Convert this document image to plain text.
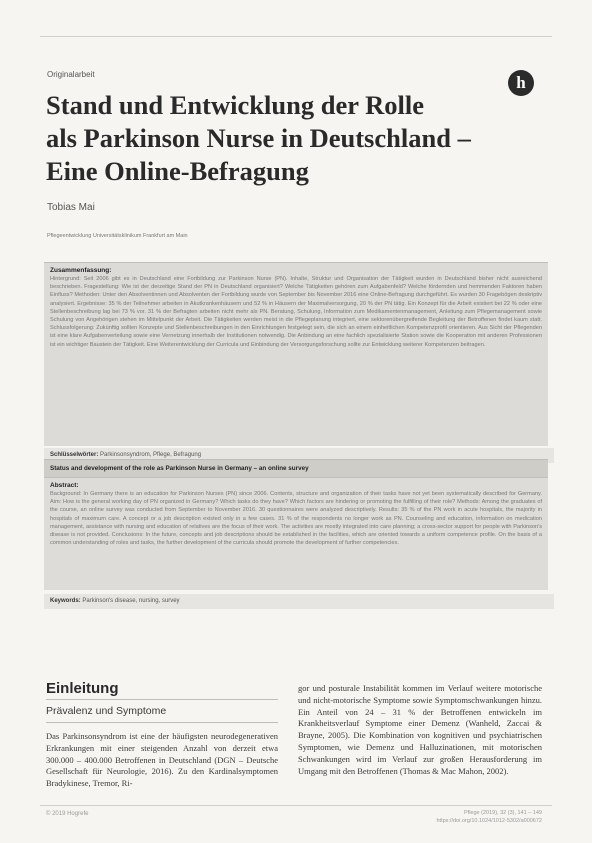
Originalarbeit	h
Stand und Entwicklung der Rolle
als Parkinson Nurse in Deutschland –
Eine Online-Befragung
Tobias Mai
Pflegeentwicklung Universitätsklinikum Frankfurt am Main
Zusammenfassung:
Hintergrund: Seit 2006 gibt es in Deutschland eine Fortbildung zur Parkinson Nurse (PN). Inhalte, Struktur und Organisation der Tätigkeit wurden in Deutschland bisher nicht ausreichend beschrieben. Fragestellung: Wie ist der derzeitige Stand der PN in Deutschland organisiert? Welche Tätigkeiten gehören zum Aufgabenfeld? Welche fördernden und hemmenden Faktoren haben Einfluss? Methoden: Unter den Absolventinnen und Absolventen der Fortbildung wurde von September bis November 2016 eine Online-Befragung durchgeführt. Es wurden 30 Fragebögen deskriptiv analysiert. Ergebnisse: 35 % der Teilnehmer arbeiten in Akutkrankenhäusern und 52 % in Häusern der Maximalversorgung, 20 % der PN tätig. Ein Konzept für die Arbeit existiert bei 22 % oder eine Stellenbeschreibung lag bei 73 % vor. 31 % der Befragten arbeiten nicht mehr als PN. Beratung, Schulung, Information zum Medikamentenmanagement, Anleitung zum Pflegemanagement sowie Schulung von Angehörigen stehen im Mittelpunkt der Arbeit. Die Tätigkeiten werden meist in die Pflegeplanung integriert, eine sektorenübergreifende Begleitung der Betroffenen findet kaum statt. Schlussfolgerung: Zukünftig sollten Konzepte und Stellenbeschreibungen in den Einrichtungen festgelegt sein, die sich an einem einheitlichen Kompetenzprofil orientieren. Aus Sicht der Pflegenden ist eine klare Aufgabenverteilung sowie eine Vernetzung innerhalb der Institutionen notwendig. Die Anbindung an eine fachlich spezialisierte Station sowie die Kooperation mit anderen Professionen ist ein wichtiger Baustein der Tätigkeit. Eine Weiterentwicklung der Curricula und Einbindung der Versorgungsforschung sollte zur Entwicklung weiterer Kompetenzen beitragen.
Schlüsselwörter: Parkinsonsyndrom, Pflege, Befragung
Status and development of the role as Parkinson Nurse in Germany – an online survey
Abstract:
Background: In Germany there is an education for Parkinson Nurses (PN) since 2006. Contents, structure and organization of their tasks have not yet been systematically described for Germany. Aim: How is the general working day of PN organized in Germany? Which tasks do they have? Which factors are hindering or promoting the fulfilling of their role? Methods: Among the graduates of the course, an online survey was conducted from September to November 2016. 30 questionnaires were analyzed descriptively. Results: 35 % of the PN work in acute hospitals, the majority in hospitals of maximum care. A concept or a job description existed only in a few cases. 31 % of the respondents no longer work as PN. Counseling and education, information on medication management, assistance with nursing and education of relatives are the focus of their work. The activities are mostly integrated into care planning; a cross-sector support for people with Parkinson's disease is not provided. Conclusions: In the future, concepts and job descriptions should be established in the facilities, which are oriented towards a uniform competence profile. On the basis of a common understanding of roles and tasks, the further development of the curricula should promote the development of further competencies.
Keywords: Parkinson's disease, nursing, survey
Einleitung
Prävalenz und Symptome
Das Parkinsonsyndrom ist eine der häufigsten neurodegenerativen Erkrankungen mit einer steigenden Anzahl von derzeit etwa 300.000 – 400.000 Betroffenen in Deutschland (DGN – Deutsche Gesellschaft für Neurologie, 2016). Zu den Kardinalsymptomen Bradykinese, Tremor, Ri-
gor und posturale Instabilität kommen im Verlauf weitere motorische und nicht-motorische Symptome sowie Symptomschwankungen hinzu. Ein Anteil von 24 – 31 % der Betroffenen entwickeln im Krankheitsverlauf Symptome einer Demenz (Wanheld, Zaccai & Brayne, 2005). Die Kombination von kognitiven und psychiatrischen Symptomen, wie Demenz und Halluzinationen, mit motorischen Schwankungen wird im Verlauf zur großen Herausforderung im Umgang mit den Betroffenen (Thomas & Mac Mahon, 2002).
© 2019 Hogrefe	Pflege (2019), 32 (3), 141 – 149
https://doi.org/10.1024/1012-5302/a000672
